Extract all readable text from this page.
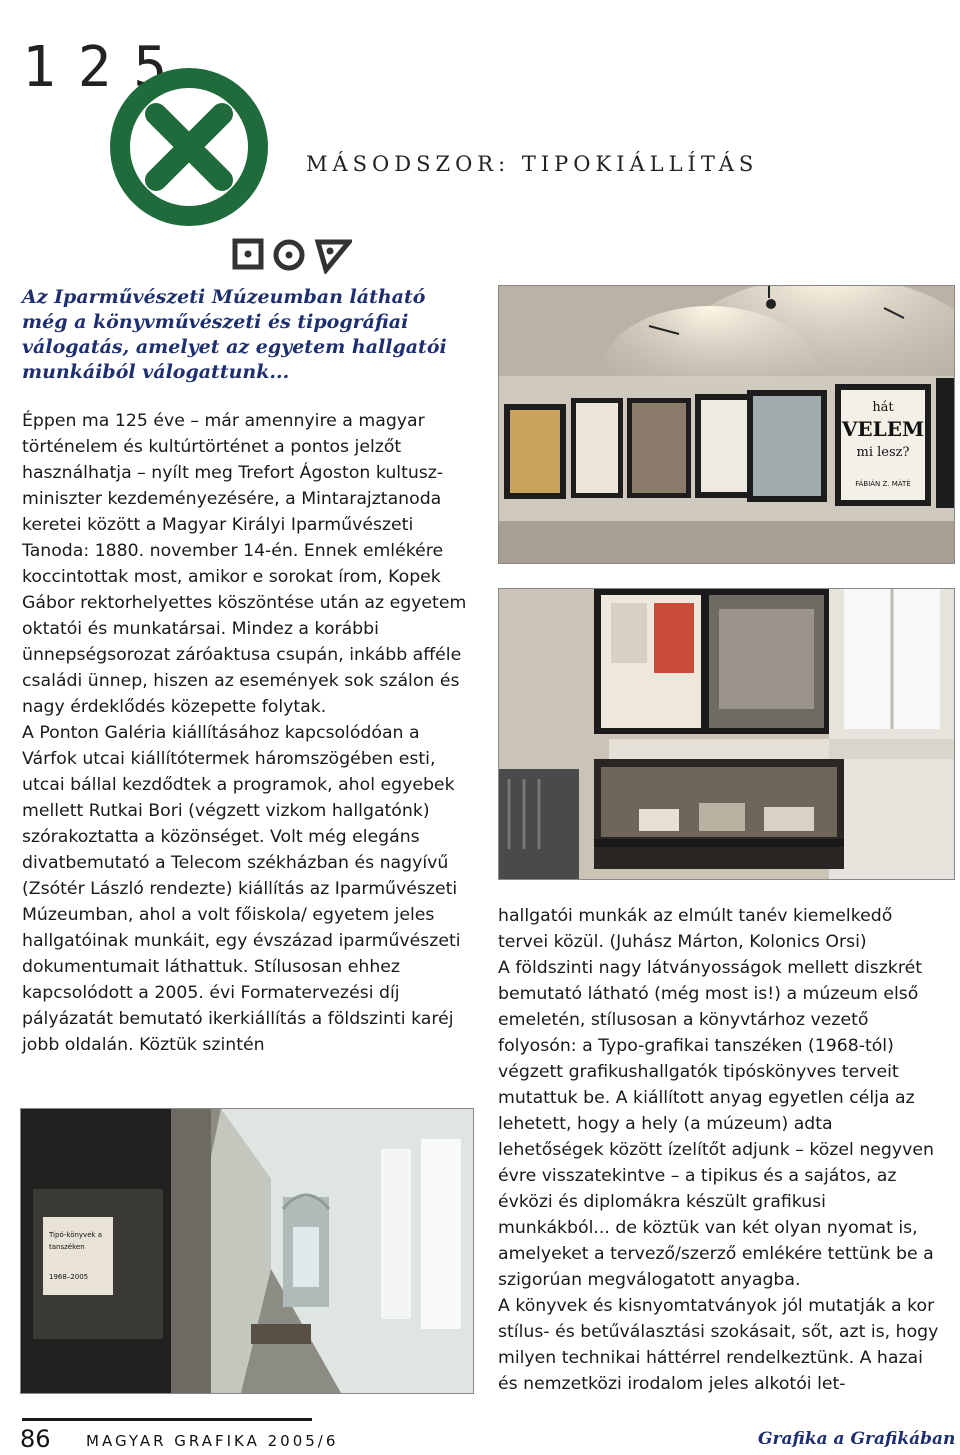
125
MÁSODSZOR: TIPOKIÁLLÍTÁS
Az Iparművészeti Múzeumban látható még a könyvművészeti és tipográfiai válogatás, amelyet az egyetem hallgatói munkáiból válogattunk...

Éppen ma 125 éve – már amennyire a magyar történelem és kultúrtörténet a pontos jelzőt használhatja – nyílt meg Trefort Ágoston kultusz-miniszter kezdeményezésére, a Mintarajztanoda keretei között a Magyar Királyi Iparművészeti Tanoda: 1880. november 14-én. Ennek emlékére koccintottak most, amikor e sorokat írom, Kopek Gábor rektorhelyettes köszöntése után az egyetem oktatói és munkatársai. Mindez a korábbi ünnepségsorozat záróaktusa csupán, inkább afféle családi ünnep, hiszen az események sok szálon és nagy érdeklődés közepette folytak.

A Ponton Galéria kiállításához kapcsolódóan a Várfok utcai kiállítótermek háromszögében esti, utcai bállal kezdődtek a programok, ahol egyebek mellett Rutkai Bori (végzett vizkom hallgatónk) szórakoztatta a közönséget. Volt még elegáns divatbemutató a Telecom székházban és nagyívű (Zsótér László rendezte) kiállítás az Iparművészeti Múzeumban, ahol a volt főiskola/ egyetem jeles hallgatóinak munkáit, egy évszázad iparművészeti dokumentumait láthattuk. Stílusosan ehhez kapcsolódott a 2005. évi Formatervezési díj pályázatát bemutató ikerkiállítás a földszinti karéj jobb oldalán. Köztük szintén

hát
VELEM
mi lesz?
FÁBIÁN Z. MÁTÉ
Tipó-könyvek a
tanszéken
1968–2005

hallgatói munkák az elmúlt tanév kiemelkedő tervei közül. (Juhász Márton, Kolonics Orsi)

A földszinti nagy látványosságok mellett diszkrét bemutató látható (még most is!) a múzeum első emeletén, stílusosan a könyvtárhoz vezető folyosón: a Typo-grafikai tanszéken (1968-tól) végzett grafikushallgatók tipóskönyves terveit mutattuk be. A kiállított anyag egyetlen célja az lehetett, hogy a hely (a múzeum) adta lehetőségek között ízelítőt adjunk – közel negyven évre visszatekintve – a tipikus és a sajátos, az évközi és diplomákra készült grafikusi munkákból... de köztük van két olyan nyomat is, amelyeket a tervező/szerző emlékére tettünk be a szigorúan megválogatott anyagba.

A könyvek és kisnyomtatványok jól mutatják a kor stílus- és betűválasztási szokásait, sőt, azt is, hogy milyen technikai háttérrel rendelkeztünk. A hazai és nemzetközi irodalom jeles alkotói let-

86 MAGYAR GRAFIKA 2005/6	Grafika a Grafikában
